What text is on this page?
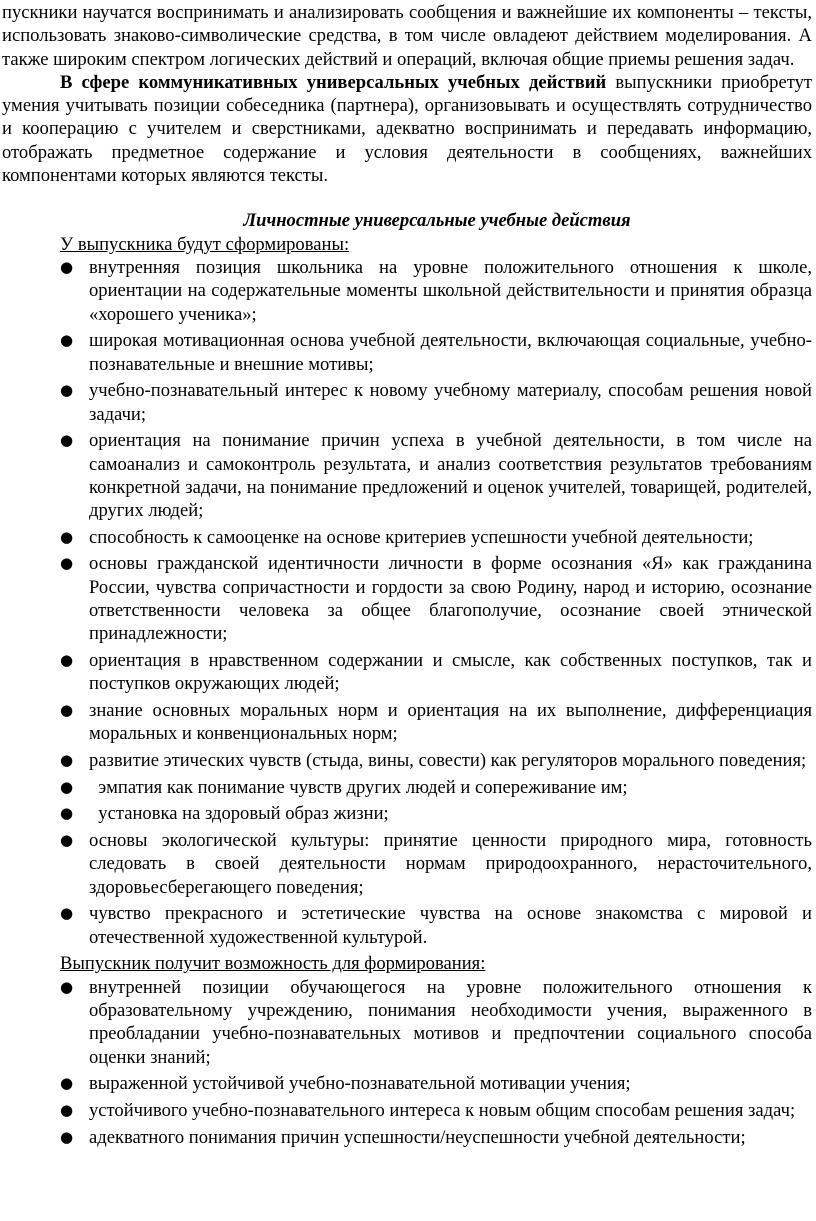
пускники научатся воспринимать и анализировать сообщения и важнейшие их компоненты – тексты, использовать знаково-символические средства, в том числе овладеют действием моделирования. А также широким спектром логических действий и операций, включая общие приемы решения задач.

В сфере коммуникативных универсальных учебных действий выпускники приобретут умения учитывать позиции собеседника (партнера), организовывать и осуществлять сотрудничество и кооперацию с учителем и сверстниками, адекватно воспринимать и передавать информацию, отображать предметное содержание и условия деятельности в сообщениях, важнейших компонентами которых являются тексты.

Личностные универсальные учебные действия

У выпускника будут сформированы:

● внутренняя позиция школьника на уровне положительного отношения к школе, ориентации на содержательные моменты школьной действительности и принятия образца «хорошего ученика»;
● широкая мотивационная основа учебной деятельности, включающая социальные, учебно-познавательные и внешние мотивы;
● учебно-познавательный интерес к новому учебному материалу, способам решения новой задачи;
● ориентация на понимание причин успеха в учебной деятельности, в том числе на самоанализ и самоконтроль результата, и анализ соответствия результатов требованиям конкретной задачи, на понимание предложений и оценок учителей, товарищей, родителей, других людей;
● способность к самооценке на основе критериев успешности учебной деятельности;
● основы гражданской идентичности личности в форме осознания «Я» как гражданина России, чувства сопричастности и гордости за свою Родину, народ и историю, осознание ответственности человека за общее благополучие, осознание своей этнической принадлежности;
● ориентация в нравственном содержании и смысле, как собственных поступков, так и поступков окружающих людей;
● знание основных моральных норм и ориентация на их выполнение, дифференциация моральных и конвенциональных норм;
● развитие этических чувств (стыда, вины, совести) как регуляторов морального поведения;
● эмпатия как понимание чувств других людей и сопереживание им;
● установка на здоровый образ жизни;
● основы экологической культуры: принятие ценности природного мира, готовность следовать в своей деятельности нормам природоохранного, нерасточительного, здоровьесберегающего поведения;
● чувство прекрасного и эстетические чувства на основе знакомства с мировой и отечественной художественной культурой.

Выпускник получит возможность для формирования:

● внутренней позиции обучающегося на уровне положительного отношения к образовательному учреждению, понимания необходимости учения, выраженного в преобладании учебно-познавательных мотивов и предпочтении социального способа оценки знаний;
● выраженной устойчивой учебно-познавательной мотивации учения;
● устойчивого учебно-познавательного интереса к новым общим способам решения задач;
● адекватного понимания причин успешности/неуспешности учебной деятельности;
